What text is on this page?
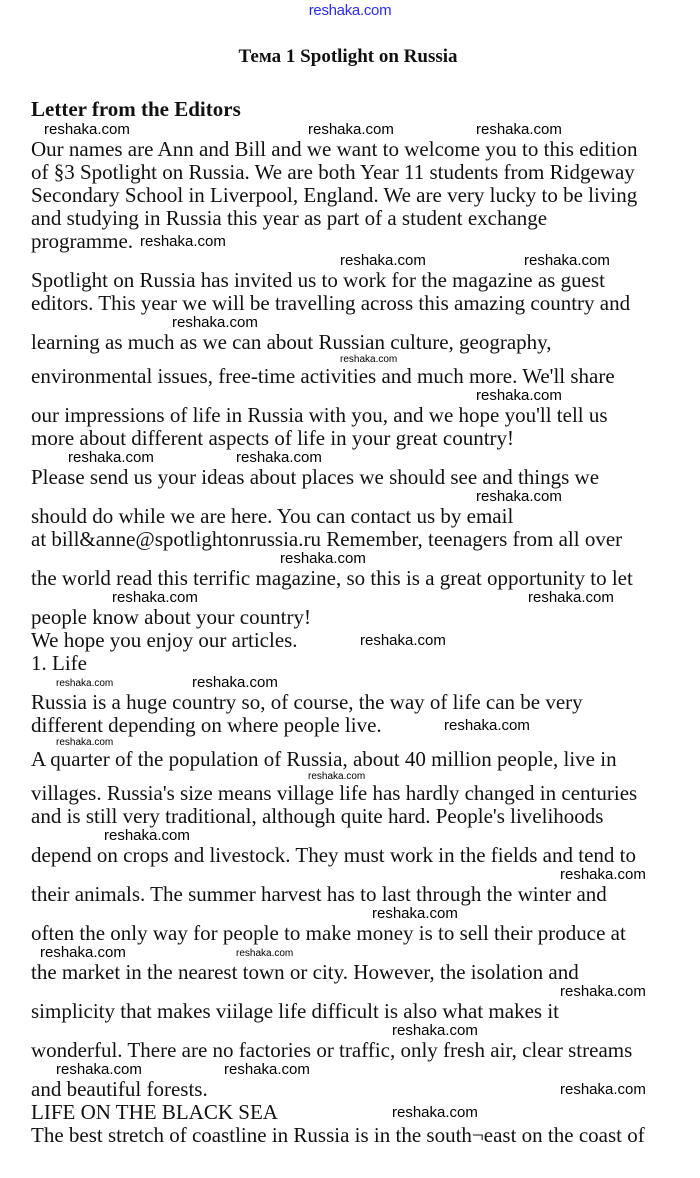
reshaka.com
Тема 1 Spotlight on Russia
Letter from the Editors
Our names are Ann and Bill and we want to welcome you to this edition
of §3 Spotlight on Russia. We are both Year 11 students from Ridgeway
Secondary School in Liverpool, England. We are very lucky to be living
and studying in Russia this year as part of a student exchange
programme.
Spotlight on Russia has invited us to work for the magazine as guest
editors. This year we will be travelling across this amazing country and
learning as much as we can about Russian culture, geography,
environmental issues, free-time activities and much more. We'll share
our impressions of life in Russia with you, and we hope you'll tell us
more about different aspects of life in your great country!
Please send us your ideas about places we should see and things we
should do while we are here. You can contact us by email
at bill&anne@spotlightonrussia.ru Remember, teenagers from all over
the world read this terrific magazine, so this is a great opportunity to let
people know about your country!
We hope you enjoy our articles.
1. Life
Russia is a huge country so, of course, the way of life can be very
different depending on where people live.
A quarter of the population of Russia, about 40 million people, live in
villages. Russia's size means village life has hardly changed in centuries
and is still very traditional, although quite hard. People's livelihoods
depend on crops and livestock. They must work in the fields and tend to
their animals. The summer harvest has to last through the winter and
often the only way for people to make money is to sell their produce at
the market in the nearest town or city. However, the isolation and
simplicity that makes viilage life difficult is also what makes it
wonderful. There are no factories or traffic, only fresh air, clear streams
and beautiful forests.
LIFE ON THE BLACK SEA
The best stretch of coastline in Russia is in the south¬east on the coast of
reshaka.com	reshaka.com	reshaka.com
reshaka.com
reshaka.com	reshaka.com
reshaka.com
reshaka.com
reshaka.com
reshaka.com	reshaka.com
reshaka.com
reshaka.com
reshaka.com	reshaka.com
reshaka.com
reshaka.com	reshaka.com
reshaka.com
reshaka.com
reshaka.com
reshaka.com
reshaka.com
reshaka.com
reshaka.com	reshaka.com
reshaka.com
reshaka.com
reshaka.com	reshaka.com
reshaka.com
reshaka.com
